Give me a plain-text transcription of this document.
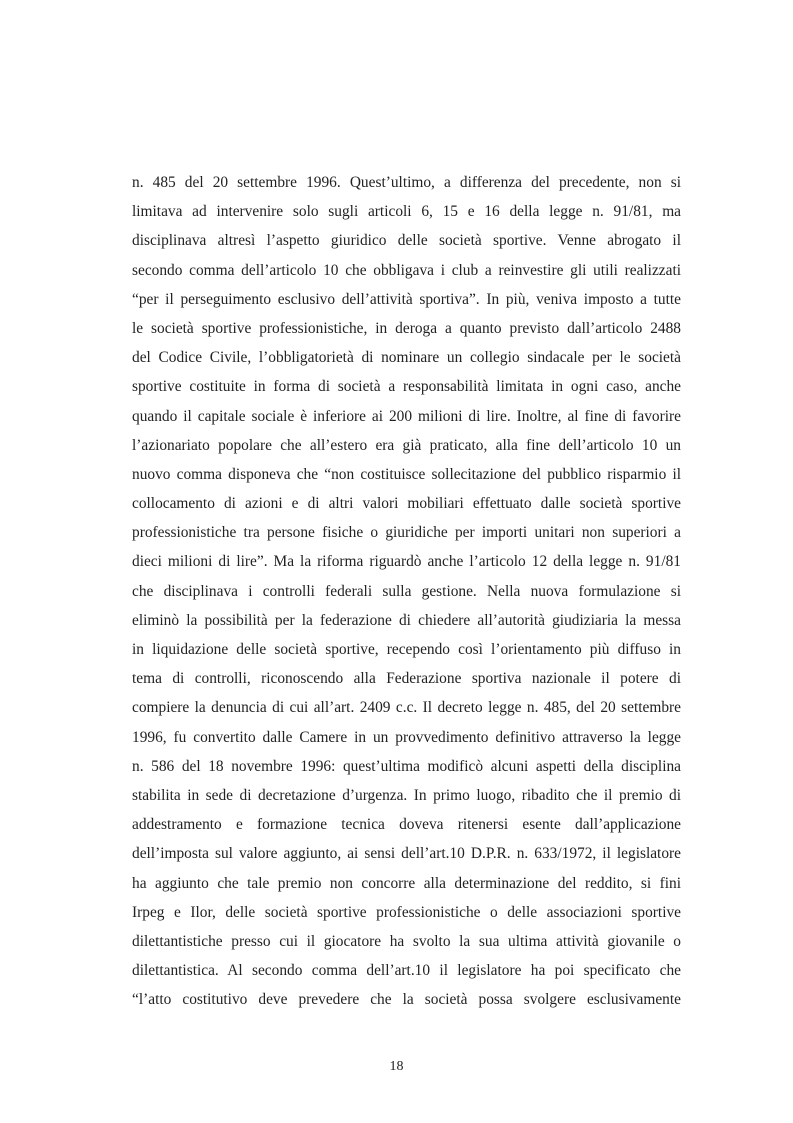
n. 485 del 20 settembre 1996. Quest’ultimo, a differenza del precedente, non si
limitava ad intervenire solo sugli articoli 6, 15 e 16 della legge n. 91/81, ma
disciplinava altresì l’aspetto giuridico delle società sportive. Venne abrogato il
secondo comma dell’articolo 10 che obbligava i club a reinvestire gli utili realizzati
“per il perseguimento esclusivo dell’attività sportiva”. In più, veniva imposto a tutte
le società sportive professionistiche, in deroga a quanto previsto dall’articolo 2488
del Codice Civile, l’obbligatorietà di nominare un collegio sindacale per le società
sportive costituite in forma di società a responsabilità limitata in ogni caso, anche
quando il capitale sociale è inferiore ai 200 milioni di lire. Inoltre, al fine di favorire
l’azionariato popolare che all’estero era già praticato, alla fine dell’articolo 10 un
nuovo comma disponeva che “non costituisce sollecitazione del pubblico risparmio il
collocamento di azioni e di altri valori mobiliari effettuato dalle società sportive
professionistiche tra persone fisiche o giuridiche per importi unitari non superiori a
dieci milioni di lire”. Ma la riforma riguardò anche l’articolo 12 della legge n. 91/81
che disciplinava i controlli federali sulla gestione. Nella nuova formulazione si
eliminò la possibilità per la federazione di chiedere all’autorità giudiziaria la messa
in liquidazione delle società sportive, recependo così l’orientamento più diffuso in
tema di controlli, riconoscendo alla Federazione sportiva nazionale il potere di
compiere la denuncia di cui all’art. 2409 c.c. Il decreto legge n. 485, del 20 settembre
1996, fu convertito dalle Camere in un provvedimento definitivo attraverso la legge
n. 586 del 18 novembre 1996: quest’ultima modificò alcuni aspetti della disciplina
stabilita in sede di decretazione d’urgenza. In primo luogo, ribadito che il premio di
addestramento e formazione tecnica doveva ritenersi esente dall’applicazione
dell’imposta sul valore aggiunto, ai sensi dell’art.10 D.P.R. n. 633/1972, il legislatore
ha aggiunto che tale premio non concorre alla determinazione del reddito, si fini
Irpeg e Ilor, delle società sportive professionistiche o delle associazioni sportive
dilettantistiche presso cui il giocatore ha svolto la sua ultima attività giovanile o
dilettantistica. Al secondo comma dell’art.10 il legislatore ha poi specificato che
“l’atto costitutivo deve prevedere che la società possa svolgere esclusivamente
18
